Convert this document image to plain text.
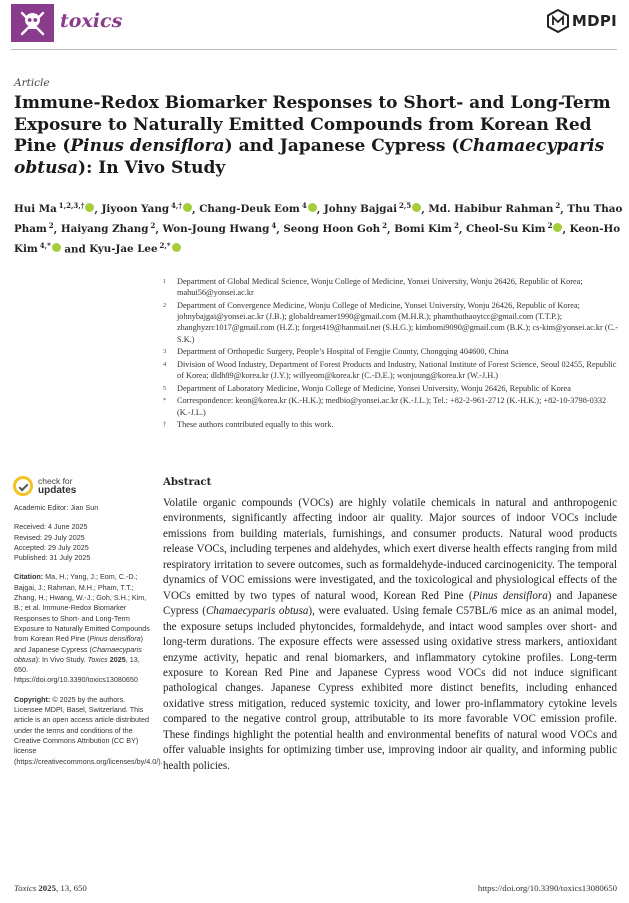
toxics	MDPI
Article
Immune-Redox Biomarker Responses to Short- and Long-Term Exposure to Naturally Emitted Compounds from Korean Red Pine (Pinus densiflora) and Japanese Cypress (Chamaecyparis obtusa): In Vivo Study
Hui Ma $^{1,2,3,\dagger}$ , Jiyoon Yang $^{4,\dagger}$ , Chang-Deuk Eom $^4$ , Johny Bajgai $^{2,5}$ , Md. Habibur Rahman $^2$, Thu Thao Pham $^2$, Haiyang Zhang $^2$, Won-Joung Hwang $^4$, Seong Hoon Goh $^2$, Bomi Kim $^2$, Cheol-Su Kim $^2$ , Keon-Ho Kim $^{4,*}$ and Kyu-Jae Lee $^{2,*}$
1	Department of Global Medical Science, Wonju College of Medicine, Yonsei University, Wonju 26426, Republic of Korea; mahui56@yonsei.ac.kr
2	Department of Convergence Medicine, Wonju College of Medicine, Yonsei University, Wonju 26426, Republic of Korea; johnybajgai@yonsei.ac.kr (J.B.); globaldreamer1990@gmail.com (M.H.R.); phamthuthaoytcc@gmail.com (T.T.P.); zhanghyzrc1017@gmail.com (H.Z.); forget419@hanmail.net (S.H.G.); kimbomi9090@gmail.com (B.K.); cs-kim@yonsei.ac.kr (C.-S.K.)
3	Department of Orthopedic Surgery, People’s Hospital of Fengjie County, Chongqing 404600, China
4	Division of Wood Industry, Department of Forest Products and Industry, National Institute of Forest Science, Seoul 02455, Republic of Korea; dldh89@korea.kr (J.Y.); willyeom@korea.kr (C.-D.E.); wonjoung@korea.kr (W.-J.H.)
5	Department of Laboratory Medicine, Wonju College of Medicine, Yonsei University, Wonju 26426, Republic of Korea
*	Correspondence: keon@korea.kr (K.-H.K.); medbio@yonsei.ac.kr (K.-J.L.); Tel.: +82-2-961-2712 (K.-H.K.); +82-10-3798-0332 (K.-J.L.)
†	These authors contributed equally to this work.
check for
updates
Academic Editor: Jian Sun
Received: 4 June 2025
Revised: 29 July 2025
Accepted: 29 July 2025
Published: 31 July 2025
Citation: Ma, H.; Yang, J.; Eom, C.-D.; Bajgai, J.; Rahman, M.H.; Pham, T.T.; Zhang, H.; Hwang, W.-J.; Goh, S.H.; Kim, B.; et al. Immune-Redox Biomarker Responses to Short- and Long-Term Exposure to Naturally Emitted Compounds from Korean Red Pine (Pinus densiflora) and Japanese Cypress (Chamaecyparis obtusa): In Vivo Study. Toxics 2025, 13, 650. https://doi.org/10.3390/toxics13080650
Copyright: © 2025 by the authors. Licensee MDPI, Basel, Switzerland. This article is an open access article distributed under the terms and conditions of the Creative Commons Attribution (CC BY) license (https://creativecommons.org/licenses/by/4.0/).
Abstract

Volatile organic compounds (VOCs) are highly volatile chemicals in natural and anthropogenic environments, significantly affecting indoor air quality. Major sources of indoor VOCs include emissions from building materials, furnishings, and consumer products. Natural wood products release VOCs, including terpenes and aldehydes, which exert diverse health effects ranging from mild respiratory irritation to severe outcomes, such as formaldehyde-induced carcinogenicity. The temporal dynamics of VOC emissions were investigated, and the toxicological and physiological effects of the VOCs emitted by two types of natural wood, Korean Red Pine (Pinus densiflora) and Japanese Cypress (Chamaecyparis obtusa), were evaluated. Using female C57BL/6 mice as an animal model, the exposure setups included phytoncides, formaldehyde, and intact wood samples over short- and long-term durations. The exposure effects were assessed using oxidative stress markers, antioxidant enzyme activity, hepatic and renal biomarkers, and inflammatory cytokine profiles. Long-term exposure to Korean Red Pine and Japanese Cypress wood VOCs did not induce significant pathological changes. Japanese Cypress exhibited more distinct benefits, including enhanced oxidative stress mitigation, reduced systemic toxicity, and lower pro-inflammatory cytokine levels compared to the negative control group, attributable to its more favorable VOC emission profile. These findings highlight the potential health and environmental benefits of natural wood VOCs and offer valuable insights for optimizing timber use, improving indoor air quality, and informing public health policies.

Toxics 2025, 13, 650	https://doi.org/10.3390/toxics13080650
